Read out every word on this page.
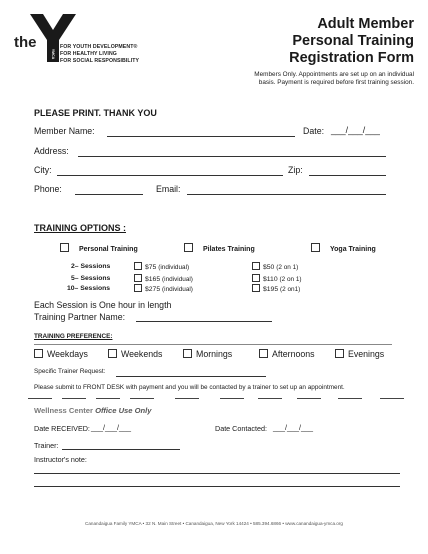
the
YMCA
FOR YOUTH DEVELOPMENT®
FOR HEALTHY LIVING
FOR SOCIAL RESPONSIBILITY
Adult Member
Personal Training
Registration Form
Members Only. Appointments are set up on an individual
basis. Payment is required before first training session.
PLEASE PRINT. THANK YOU
Member Name:	Date: ___/___/___
Address:
City:	Zip:
Phone:	Email:
TRAINING OPTIONS :
Personal Training	Pilates Training	Yoga Training
2– Sessions	$75 (individual)	$50 (2 on 1)
5– Sessions	$165 (individual)	$110 (2 on 1)
10– Sessions	$275 (individual)	$195 (2 on1)
Each Session is One hour in length
Training Partner Name:
TRAINING PREFERENCE:
Weekdays	Weekends	Mornings	Afternoons	Evenings
Specific Trainer Request:
Please submit to FRONT DESK with payment and you will be contacted by a trainer to set up an appointment.
Wellness Center Office Use Only
Date RECEIVED: ___/___/___	Date Contacted: ___/___/___
Trainer:
Instructor's note:
Canandaigua Family YMCA • 32 N. Main Street • Canandaigua, New York 14424 • 585.394.6866 • www.canandaigua-ymca.org
